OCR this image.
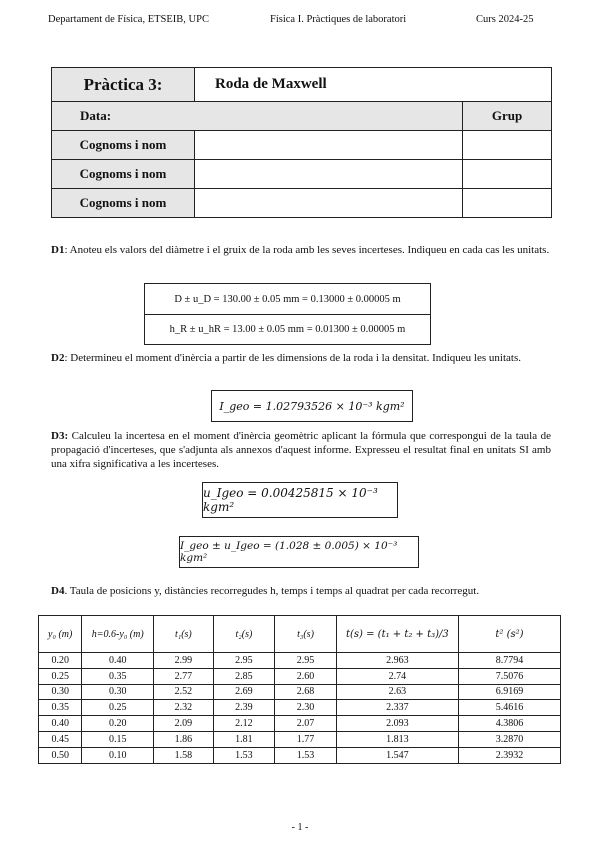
Departament de Física, ETSEIB, UPC	Física I. Pràctiques de laboratori	Curs 2024-25
Pràctica 3:	Roda de Maxwell	
Data:		Grup
Cognoms i nom		
Cognoms i nom		
Cognoms i nom		
D1: Anoteu els valors del diàmetre i el gruix de la roda amb les seves incerteses. Indiqueu en cada cas les unitats.
D ± u_D = 130.00 ± 0.05 mm = 0.13000 ± 0.00005 m
h_R ± u_hR = 13.00 ± 0.05 mm = 0.01300 ± 0.00005 m
D2: Determineu el moment d'inèrcia a partir de les dimensions de la roda i la densitat. Indiqueu les unitats.
I_geo = 1.02793526 × 10⁻³ kgm²
D3: Calculeu la incertesa en el moment d'inèrcia geomètric aplicant la fórmula que correspongui de la taula de propagació d'incerteses, que s'adjunta als annexos d'aquest informe. Expresseu el resultat final en unitats SI amb una xifra significativa a les incerteses.
u_Igeo = 0.00425815 × 10⁻³ kgm²
I_geo ± u_Igeo = (1.028 ± 0.005) × 10⁻³ kgm²
D4. Taula de posicions y, distàncies recorregudes h, temps i temps al quadrat per cada recorregut.
y₀ (m)	h=0.6-y₀ (m)	t₁(s)	t₂(s)	t₃(s)	t(s) = (t₁ + t₂ + t₃)/3	t² (s²)
0.20	0.40	2.99	2.95	2.95	2.963	8.7794
0.25	0.35	2.77	2.85	2.60	2.74	7.5076
0.30	0.30	2.52	2.69	2.68	2.63	6.9169
0.35	0.25	2.32	2.39	2.30	2.337	5.4616
0.40	0.20	2.09	2.12	2.07	2.093	4.3806
0.45	0.15	1.86	1.81	1.77	1.813	3.2870
0.50	0.10	1.58	1.53	1.53	1.547	2.3932
- 1 -
